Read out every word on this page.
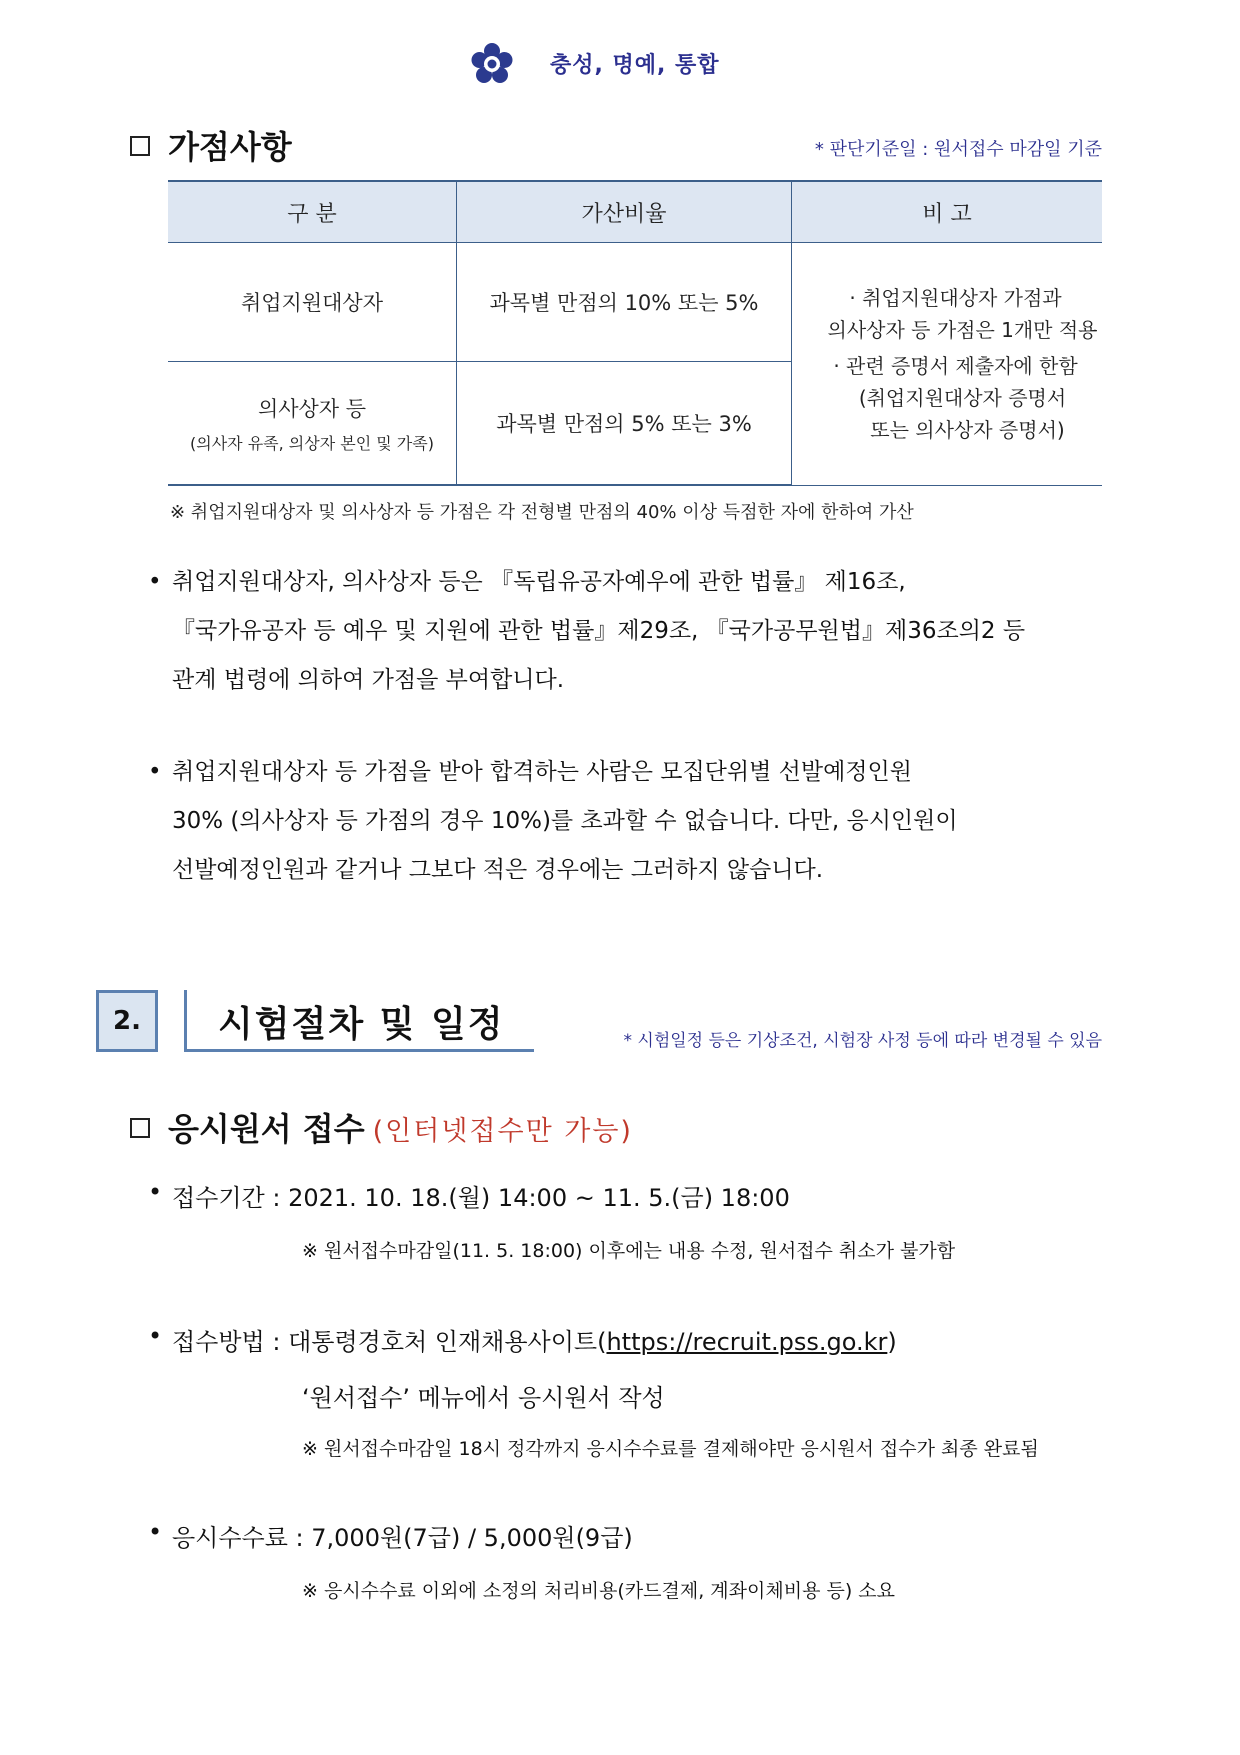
충성, 명예, 통합
가점사항	* 판단기준일 : 원서접수 마감일 기준
구 분	가산비율	비 고
취업지원대상자	과목별 만점의 10% 또는 5%	· 취업지원대상자 가점과
의사상자 등 가점은 1개만 적용
· 관련 증명서 제출자에 한함
(취업지원대상자 증명서
또는 의사상자 증명서)

의사상자 등
(의사자 유족, 의상자 본인 및 가족)	과목별 만점의 5% 또는 3%	
※ 취업지원대상자 및 의사상자 등 가점은 각 전형별 만점의 40% 이상 득점한 자에 한하여 가산
• 취업지원대상자, 의사상자 등은 『독립유공자예우에 관한 법률』 제16조,
『국가유공자 등 예우 및 지원에 관한 법률』제29조, 『국가공무원법』제36조의2 등
관계 법령에 의하여 가점을 부여합니다.
• 취업지원대상자 등 가점을 받아 합격하는 사람은 모집단위별 선발예정인원
30% (의사상자 등 가점의 경우 10%)를 초과할 수 없습니다. 다만, 응시인원이
선발예정인원과 같거나 그보다 적은 경우에는 그러하지 않습니다.
2.	시험절차 및 일정	* 시험일정 등은 기상조건, 시험장 사정 등에 따라 변경될 수 있음
응시원서 접수 (인터넷접수만 가능)
• 접수기간 : 2021. 10. 18.(월) 14:00 ~ 11. 5.(금) 18:00
※ 원서접수마감일(11. 5. 18:00) 이후에는 내용 수정, 원서접수 취소가 불가함
• 접수방법 : 대통령경호처 인재채용사이트(https://recruit.pss.go.kr)
‘원서접수’ 메뉴에서 응시원서 작성
※ 원서접수마감일 18시 정각까지 응시수수료를 결제해야만 응시원서 접수가 최종 완료됨
• 응시수수료 : 7,000원(7급) / 5,000원(9급)
※ 응시수수료 이외에 소정의 처리비용(카드결제, 계좌이체비용 등) 소요
